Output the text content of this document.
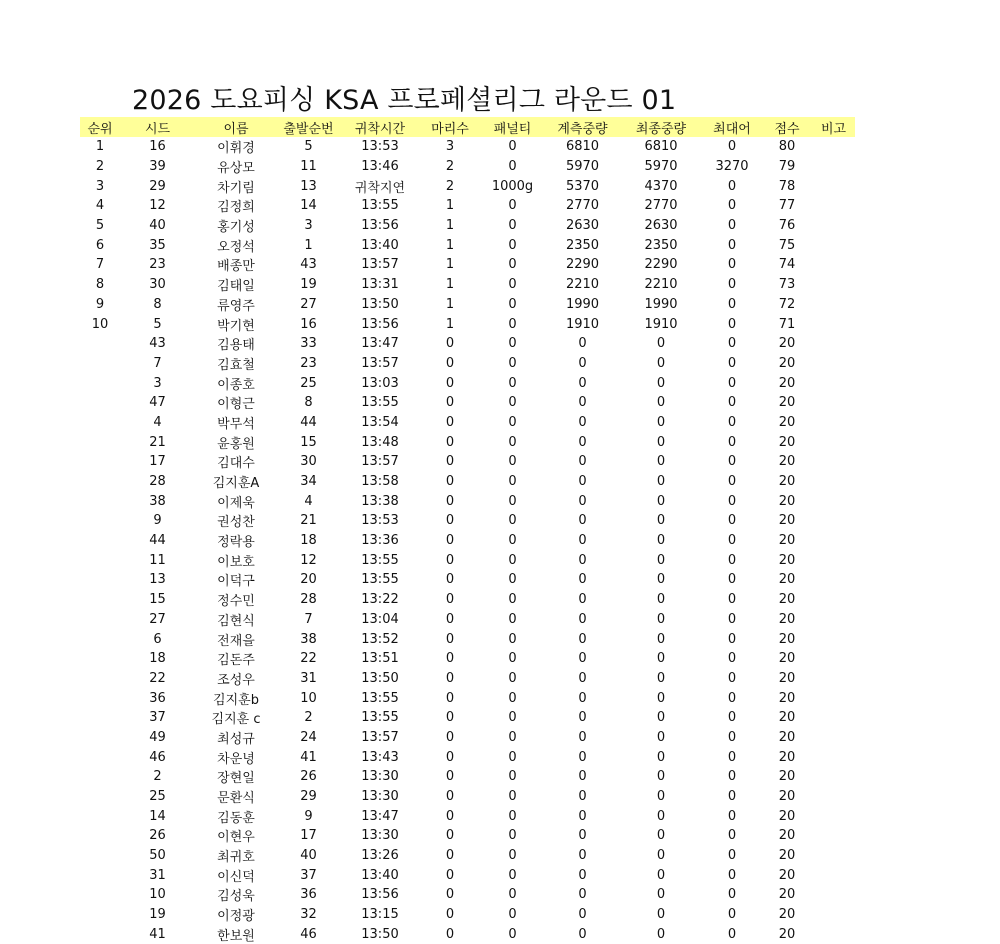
2026 도요피싱 KSA 프로페셜리그 라운드 01
순위	시드	이름	출발순번	귀착시간	마리수	패널티	계측중량	최종중량	최대어	점수	비고
1	16	이휘경	5	13:53	3	0	6810	6810	0	80	
2	39	유상모	11	13:46	2	0	5970	5970	3270	79	
3	29	차기림	13	귀착지연	2	1000g	5370	4370	0	78	
4	12	김정희	14	13:55	1	0	2770	2770	0	77	
5	40	홍기성	3	13:56	1	0	2630	2630	0	76	
6	35	오정석	1	13:40	1	0	2350	2350	0	75	
7	23	배종만	43	13:57	1	0	2290	2290	0	74	
8	30	김태일	19	13:31	1	0	2210	2210	0	73	
9	8	류영주	27	13:50	1	0	1990	1990	0	72	
10	5	박기현	16	13:56	1	0	1910	1910	0	71	
	43	김용태	33	13:47	0	0	0	0	0	20	
	7	김효철	23	13:57	0	0	0	0	0	20	
	3	이종호	25	13:03	0	0	0	0	0	20	
	47	이형근	8	13:55	0	0	0	0	0	20	
	4	박무석	44	13:54	0	0	0	0	0	20	
	21	윤홍원	15	13:48	0	0	0	0	0	20	
	17	김대수	30	13:57	0	0	0	0	0	20	
	28	김지훈A	34	13:58	0	0	0	0	0	20	
	38	이제욱	4	13:38	0	0	0	0	0	20	
	9	권성찬	21	13:53	0	0	0	0	0	20	
	44	정락용	18	13:36	0	0	0	0	0	20	
	11	이보호	12	13:55	0	0	0	0	0	20	
	13	이덕구	20	13:55	0	0	0	0	0	20	
	15	정수민	28	13:22	0	0	0	0	0	20	
	27	김현식	7	13:04	0	0	0	0	0	20	
	6	전재을	38	13:52	0	0	0	0	0	20	
	18	김돈주	22	13:51	0	0	0	0	0	20	
	22	조성우	31	13:50	0	0	0	0	0	20	
	36	김지훈b	10	13:55	0	0	0	0	0	20	
	37	김지훈 c	2	13:55	0	0	0	0	0	20	
	49	최성규	24	13:57	0	0	0	0	0	20	
	46	차운녕	41	13:43	0	0	0	0	0	20	
	2	장현일	26	13:30	0	0	0	0	0	20	
	25	문환식	29	13:30	0	0	0	0	0	20	
	14	김동훈	9	13:47	0	0	0	0	0	20	
	26	이현우	17	13:30	0	0	0	0	0	20	
	50	최귀호	40	13:26	0	0	0	0	0	20	
	31	이신덕	37	13:40	0	0	0	0	0	20	
	10	김성욱	36	13:56	0	0	0	0	0	20	
	19	이정광	32	13:15	0	0	0	0	0	20	
	41	한보원	46	13:50	0	0	0	0	0	20	
